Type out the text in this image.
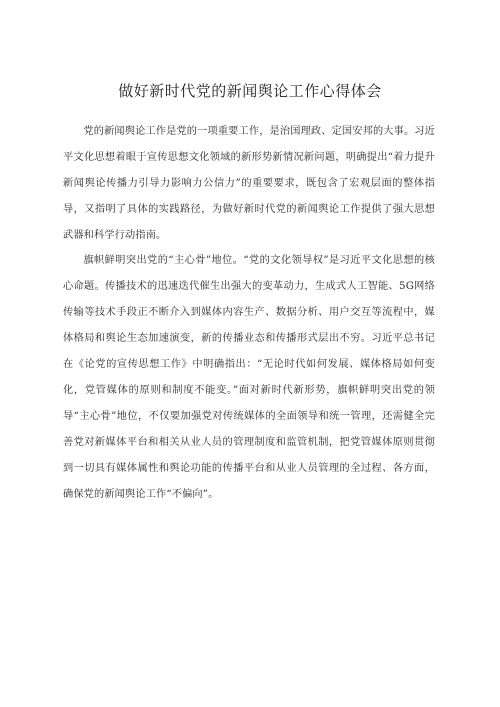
做好新时代党的新闻舆论工作心得体会

党的新闻舆论工作是党的一项重要工作，是治国理政、定国安邦的大事。习近平文化思想着眼于宣传思想文化领域的新形势新情况新问题，明确提出“着力提升新闻舆论传播力引导力影响力公信力”的重要要求，既包含了宏观层面的整体指导，又指明了具体的实践路径，为做好新时代党的新闻舆论工作提供了强大思想武器和科学行动指南。

旗帜鲜明突出党的“主心骨”地位。“党的文化领导权”是习近平文化思想的核心命题。传播技术的迅速迭代催生出强大的变革动力，生成式人工智能、5G网络传输等技术手段正不断介入到媒体内容生产、数据分析、用户交互等流程中，媒体格局和舆论生态加速演变，新的传播业态和传播形式层出不穷。习近平总书记在《论党的宣传思想工作》中明确指出：“无论时代如何发展、媒体格局如何变化，党管媒体的原则和制度不能变。”面对新时代新形势，旗帜鲜明突出党的领导“主心骨”地位，不仅要加强党对传统媒体的全面领导和统一管理，还需健全完善党对新媒体平台和相关从业人员的管理制度和监管机制，把党管媒体原则贯彻到一切具有媒体属性和舆论功能的传播平台和从业人员管理的全过程、各方面，确保党的新闻舆论工作“不偏向”。
